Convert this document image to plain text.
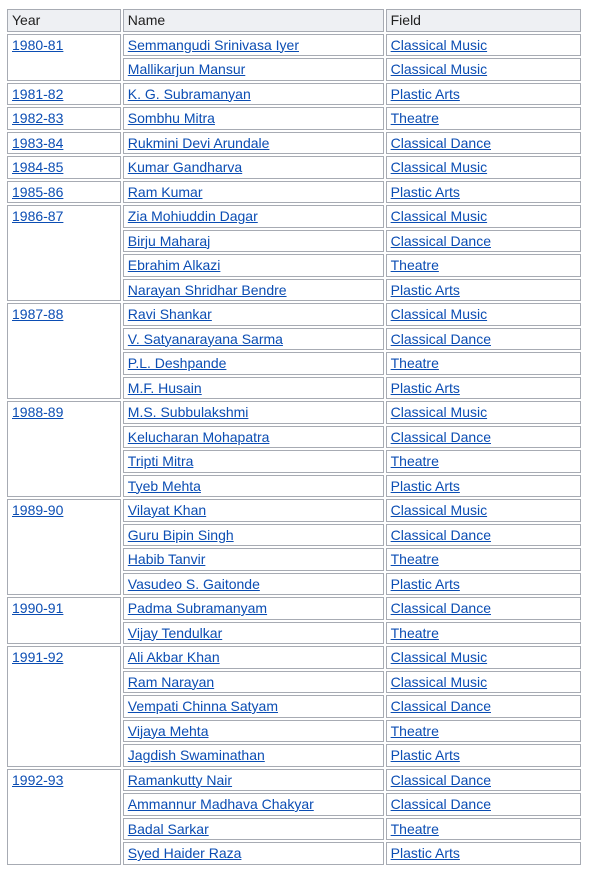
Year	Name	Field
1980-81	Semmangudi Srinivasa Iyer	Classical Music
	Mallikarjun Mansur	Classical Music
1981-82	K. G. Subramanyan	Plastic Arts
1982-83	Sombhu Mitra	Theatre
1983-84	Rukmini Devi Arundale	Classical Dance
1984-85	Kumar Gandharva	Classical Music
1985-86	Ram Kumar	Plastic Arts
1986-87	Zia Mohiuddin Dagar	Classical Music
	Birju Maharaj	Classical Dance
	Ebrahim Alkazi	Theatre
	Narayan Shridhar Bendre	Plastic Arts
1987-88	Ravi Shankar	Classical Music
	V. Satyanarayana Sarma	Classical Dance
	P.L. Deshpande	Theatre
	M.F. Husain	Plastic Arts
1988-89	M.S. Subbulakshmi	Classical Music
	Kelucharan Mohapatra	Classical Dance
	Tripti Mitra	Theatre
	Tyeb Mehta	Plastic Arts
1989-90	Vilayat Khan	Classical Music
	Guru Bipin Singh	Classical Dance
	Habib Tanvir	Theatre
	Vasudeo S. Gaitonde	Plastic Arts
1990-91	Padma Subramanyam	Classical Dance
	Vijay Tendulkar	Theatre
1991-92	Ali Akbar Khan	Classical Music
	Ram Narayan	Classical Music
	Vempati Chinna Satyam	Classical Dance
	Vijaya Mehta	Theatre
	Jagdish Swaminathan	Plastic Arts
1992-93	Ramankutty Nair	Classical Dance
	Ammannur Madhava Chakyar	Classical Dance
	Badal Sarkar	Theatre
	Syed Haider Raza	Plastic Arts
